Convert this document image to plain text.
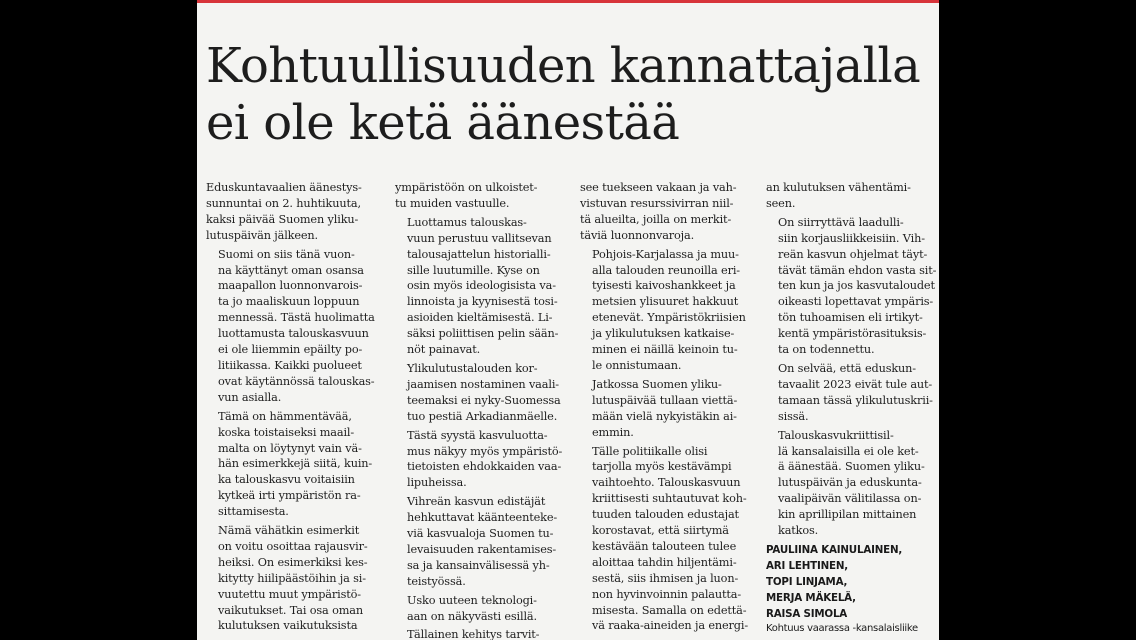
Kohtuullisuuden kannattajalla
ei ole ketä äänestää

Eduskuntavaalien äänestys-
sunnuntai on 2. huhtikuuta,
kaksi päivää Suomen yliku-
lutuspäivän jälkeen.

Suomi on siis tänä vuon-
na käyttänyt oman osansa
maapallon luonnonvarois-
ta jo maaliskuun loppuun
mennessä. Tästä huolimatta
luottamusta talouskasvuun
ei ole liiemmin epäilty po-
litiikassa. Kaikki puolueet
ovat käytännössä talouskas-
vun asialla.

Tämä on hämmentävää,
koska toistaiseksi maail-
malta on löytynyt vain vä-
hän esimerkkejä siitä, kuin-
ka talouskasvu voitaisiin
kytkeä irti ympäristön ra-
sittamisesta.

Nämä vähätkin esimerkit
on voitu osoittaa rajausvir-
heiksi. On esimerkiksi kes-
kitytty hiilipäästöihin ja si-
vuutettu muut ympäristö-
vaikutukset. Tai osa oman
kulutuksen vaikutuksista

ympäristöön on ulkoistet-
tu muiden vastuulle.

Luottamus talouskas-
vuun perustuu vallitsevan
talousajattelun historialli-
sille luutumille. Kyse on
osin myös ideologisista va-
linnoista ja kyynisestä tosi-
asioiden kieltämisestä. Li-
säksi poliittisen pelin sään-
nöt painavat.

Ylikulutustalouden kor-
jaamisen nostaminen vaali-
teemaksi ei nyky-Suomessa
tuo pestiä Arkadianmäelle.

Tästä syystä kasvuluotta-
mus näkyy myös ympäristö-
tietoisten ehdokkaiden vaa-
lipuheissa.

Vihreän kasvun edistäjät
hehkuttavat käänteenteke-
viä kasvualoja Suomen tu-
levaisuuden rakentamises-
sa ja kansainvälisessä yh-
teistyössä.

Usko uuteen teknologi-
aan on näkyvästi esillä.

Tällainen kehitys tarvit-

see tuekseen vakaan ja vah-
vistuvan resurssivirran niil-
tä alueilta, joilla on merkit-
täviä luonnonvaroja.

Pohjois-Karjalassa ja muu-
alla talouden reunoilla eri-
tyisesti kaivoshankkeet ja
metsien ylisuuret hakkuut
etenevät. Ympäristökriisien
ja ylikulutuksen katkaise-
minen ei näillä keinoin tu-
le onnistumaan.

Jatkossa Suomen yliku-
lutuspäivää tullaan viettä-
mään vielä nykyistäkin ai-
emmin.

Tälle politiikalle olisi
tarjolla myös kestävämpi
vaihtoehto. Talouskasvuun
kriittisesti suhtautuvat koh-
tuuden talouden edustajat
korostavat, että siirtymä
kestävään talouteen tulee
aloittaa tahdin hiljentämi-
sestä, siis ihmisen ja luon-
non hyvinvoinnin palautta-
misesta. Samalla on edettä-
vä raaka-aineiden ja energi-

an kulutuksen vähentämi-
seen.

On siirryttävä laadulli-
siin korjausliikkeisiin. Vih-
reän kasvun ohjelmat täyt-
tävät tämän ehdon vasta sit-
ten kun ja jos kasvutaloudet
oikeasti lopettavat ympäris-
tön tuhoamisen eli irtikyt-
kentä ympäristörasituksis-
ta on todennettu.

On selvää, että eduskun-
tavaalit 2023 eivät tule aut-
tamaan tässä ylikulutuskrii-
sissä.

Talouskasvukriittisil-
lä kansalaisilla ei ole ket-
ä äänestää. Suomen yliku-
lutuspäivän ja eduskunta-
vaalipäivän välitilassa on-
kin aprillipilan mittainen
katkos.

PAULIINA KAINULAINEN,
ARI LEHTINEN,
TOPI LINJAMA,
MERJA MÄKELÄ,
RAISA SIMOLA
Kohtuus vaarassa -kansalaisliike
